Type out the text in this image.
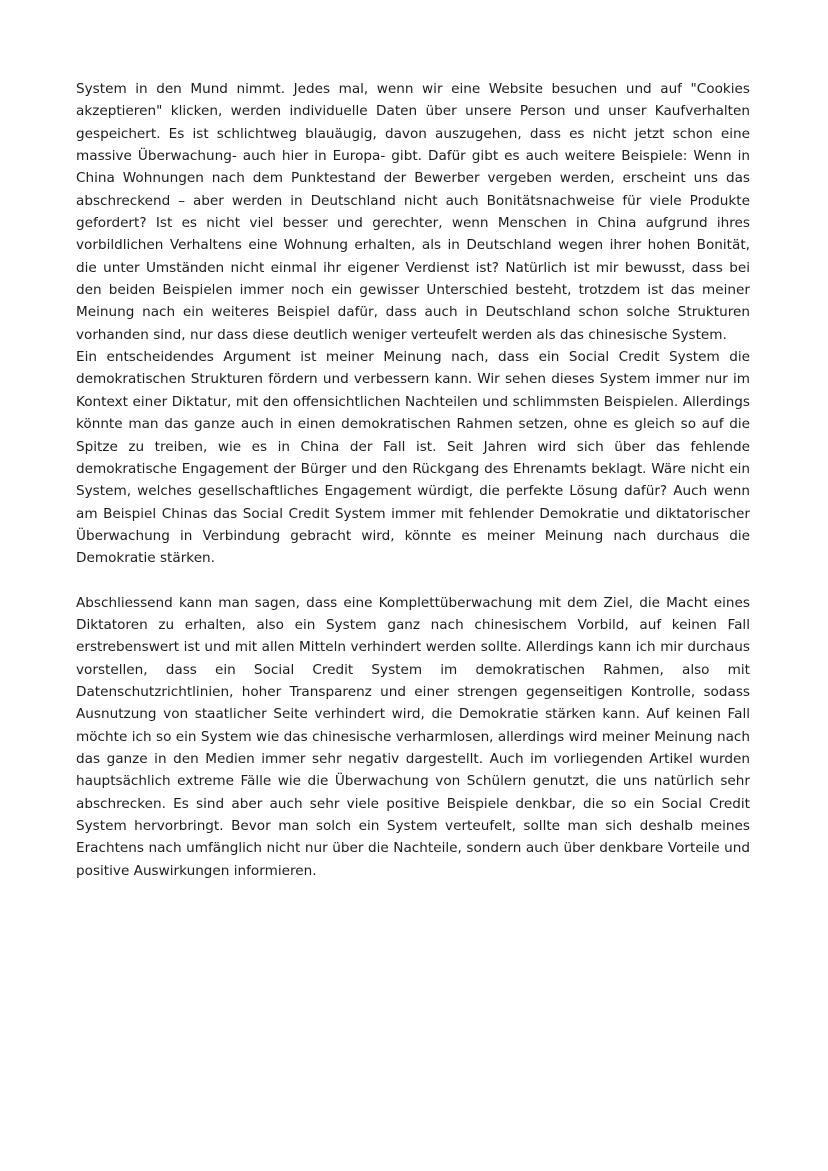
System in den Mund nimmt. Jedes mal, wenn wir eine Website besuchen und auf "Cookies akzeptieren" klicken, werden individuelle Daten über unsere Person und unser Kaufverhalten gespeichert. Es ist schlichtweg blauäugig, davon auszugehen, dass es nicht jetzt schon eine massive Überwachung- auch hier in Europa- gibt. Dafür gibt es auch weitere Beispiele: Wenn in China Wohnungen nach dem Punktestand der Bewerber vergeben werden, erscheint uns das abschreckend – aber werden in Deutschland nicht auch Bonitätsnachweise für viele Produkte gefordert? Ist es nicht viel besser und gerechter, wenn Menschen in China aufgrund ihres vorbildlichen Verhaltens eine Wohnung erhalten, als in Deutschland wegen ihrer hohen Bonität, die unter Umständen nicht einmal ihr eigener Verdienst ist? Natürlich ist mir bewusst, dass bei den beiden Beispielen immer noch ein gewisser Unterschied besteht, trotzdem ist das meiner Meinung nach ein weiteres Beispiel dafür, dass auch in Deutschland schon solche Strukturen vorhanden sind, nur dass diese deutlich weniger verteufelt werden als das chinesische System.

Ein entscheidendes Argument ist meiner Meinung nach, dass ein Social Credit System die demokratischen Strukturen fördern und verbessern kann. Wir sehen dieses System immer nur im Kontext einer Diktatur, mit den offensichtlichen Nachteilen und schlimmsten Beispielen. Allerdings könnte man das ganze auch in einen demokratischen Rahmen setzen, ohne es gleich so auf die Spitze zu treiben, wie es in China der Fall ist. Seit Jahren wird sich über das fehlende demokratische Engagement der Bürger und den Rückgang des Ehrenamts beklagt. Wäre nicht ein System, welches gesellschaftliches Engagement würdigt, die perfekte Lösung dafür? Auch wenn am Beispiel Chinas das Social Credit System immer mit fehlender Demokratie und diktatorischer Überwachung in Verbindung gebracht wird, könnte es meiner Meinung nach durchaus die Demokratie stärken.

Abschliessend kann man sagen, dass eine Komplettüberwachung mit dem Ziel, die Macht eines Diktatoren zu erhalten, also ein System ganz nach chinesischem Vorbild, auf keinen Fall erstrebenswert ist und mit allen Mitteln verhindert werden sollte. Allerdings kann ich mir durchaus vorstellen, dass ein Social Credit System im demokratischen Rahmen, also mit Datenschutzrichtlinien, hoher Transparenz und einer strengen gegenseitigen Kontrolle, sodass Ausnutzung von staatlicher Seite verhindert wird, die Demokratie stärken kann. Auf keinen Fall möchte ich so ein System wie das chinesische verharmlosen, allerdings wird meiner Meinung nach das ganze in den Medien immer sehr negativ dargestellt. Auch im vorliegenden Artikel wurden hauptsächlich extreme Fälle wie die Überwachung von Schülern genutzt, die uns natürlich sehr abschrecken. Es sind aber auch sehr viele positive Beispiele denkbar, die so ein Social Credit System hervorbringt. Bevor man solch ein System verteufelt, sollte man sich deshalb meines Erachtens nach umfänglich nicht nur über die Nachteile, sondern auch über denkbare Vorteile und positive Auswirkungen informieren.
